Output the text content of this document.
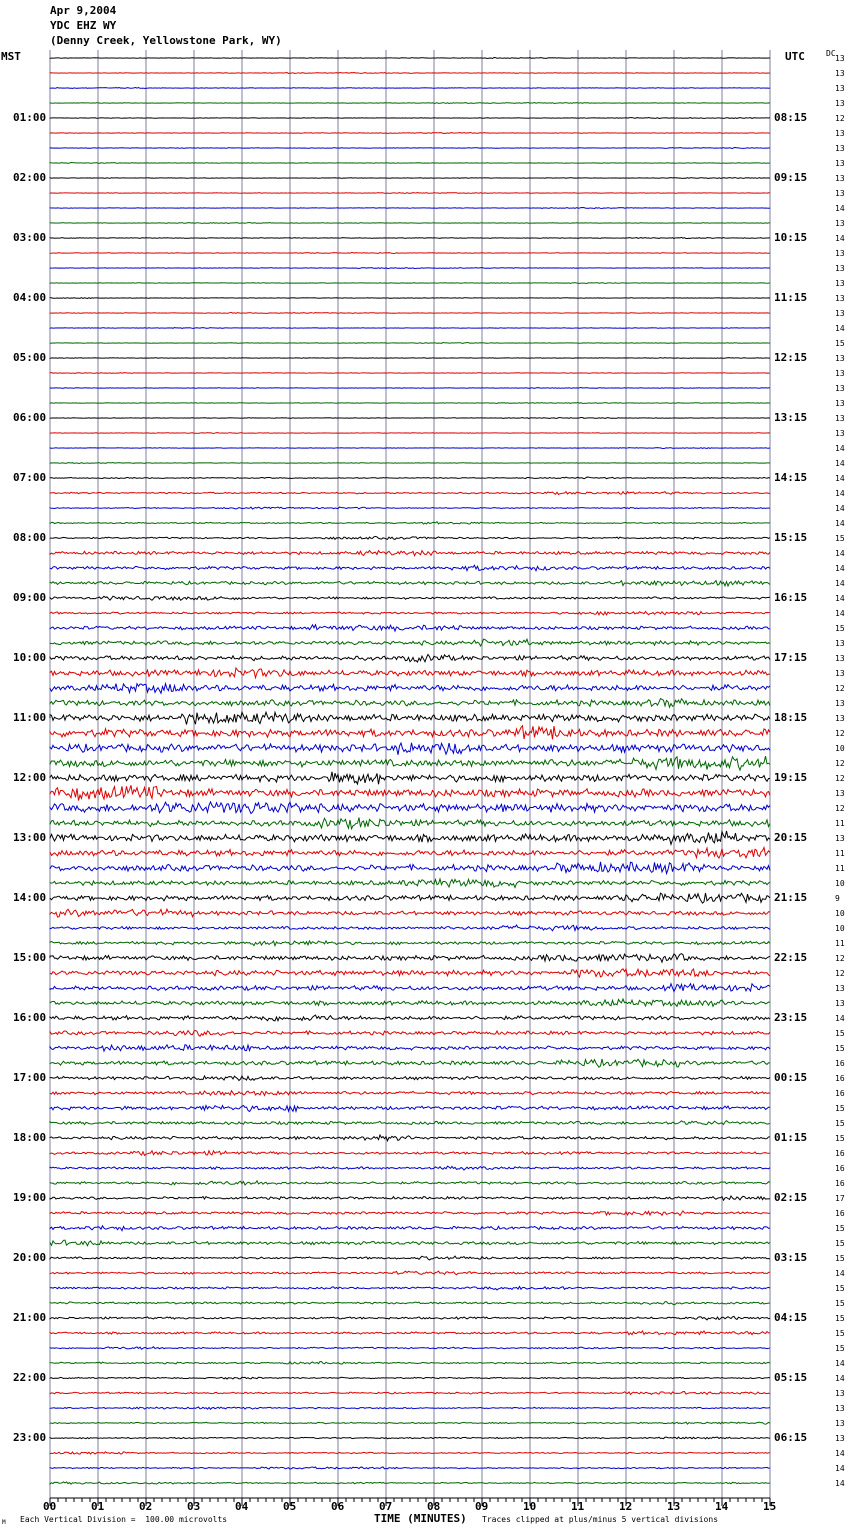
Apr 9,2004
YDC EHZ WY
(Denny Creek, Yellowstone Park, WY)
MST	UTC	DC
01:00
02:00
03:00
04:00
05:00
06:00
07:00
08:00
09:00
10:00
11:00
12:00
13:00
14:00
15:00
16:00
17:00
18:00
19:00
20:00
21:00
22:00
23:00
08:15
09:15
10:15
11:15
12:15
13:15
14:15
15:15
16:15
17:15
18:15
19:15
20:15
21:15
22:15
23:15
00:15
01:15
02:15
03:15
04:15
05:15
06:15
13
13
13
13
12
13
13
13
13
13
14
13
14
13
13
13
13
13
14
15
13
13
13
13
13
13
14
14
14
14
14
14
15
14
14
14
14
14
15
13
13
13
12
13
13
12
10
12
12
13
12
11
13
11
11
10
9
10
10
11
12
12
13
13
14
15
15
16
16
16
15
15
15
16
16
16
17
16
15
15
15
14
15
15
15
15
15
14
14
13
13
13
13
14
14
14
00	01	02	03	04	05	06	07	08	09	10	11	12	13	14	15
M Each Vertical Division =  100.00 microvolts	TIME (MINUTES) Traces clipped at plus/minus 5 vertical divisions
